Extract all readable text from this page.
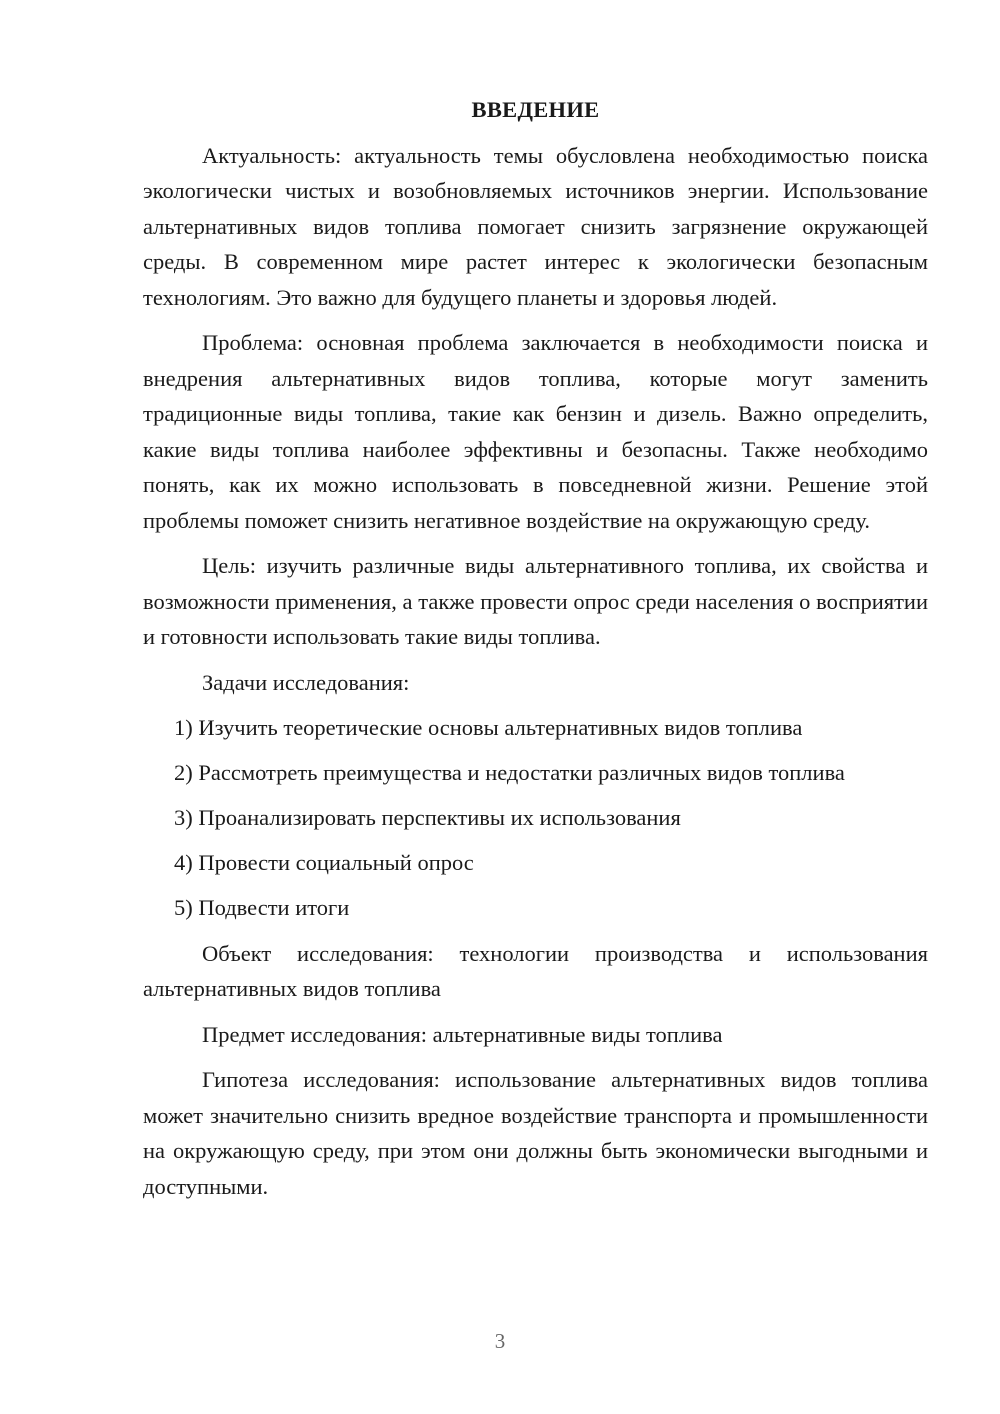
ВВЕДЕНИЕ

Актуальность: актуальность темы обусловлена необходимостью поиска экологически чистых и возобновляемых источников энергии. Использование альтернативных видов топлива помогает снизить загрязнение окружающей среды. В современном мире растет интерес к экологически безопасным технологиям. Это важно для будущего планеты и здоровья людей.

Проблема: основная проблема заключается в необходимости поиска и внедрения альтернативных видов топлива, которые могут заменить традиционные виды топлива, такие как бензин и дизель. Важно определить, какие виды топлива наиболее эффективны и безопасны. Также необходимо понять, как их можно использовать в повседневной жизни. Решение этой проблемы поможет снизить негативное воздействие на окружающую среду.

Цель: изучить различные виды альтернативного топлива, их свойства и возможности применения, а также провести опрос среди населения о восприятии и готовности использовать такие виды топлива.

Задачи исследования:

1) Изучить теоретические основы альтернативных видов топлива
2) Рассмотреть преимущества и недостатки различных видов топлива
3) Проанализировать перспективы их использования
4) Провести социальный опрос
5) Подвести итоги

Объект исследования: технологии производства и использования альтернативных видов топлива

Предмет исследования: альтернативные виды топлива

Гипотеза исследования: использование альтернативных видов топлива может значительно снизить вредное воздействие транспорта и промышленности на окружающую среду, при этом они должны быть экономически выгодными и доступными.

3
